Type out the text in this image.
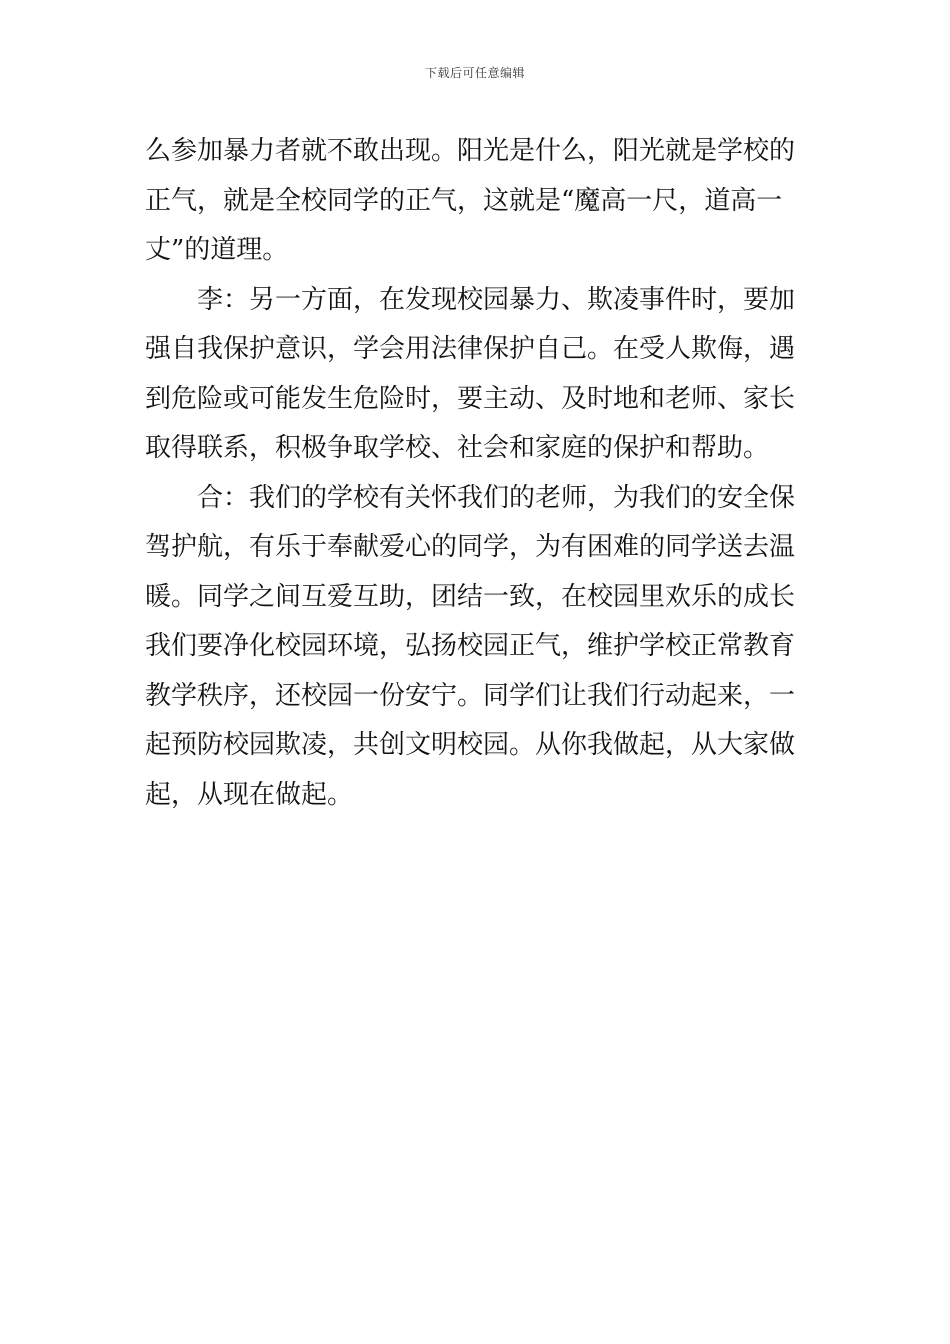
下载后可任意编辑
么参加暴力者就不敢出现。阳光是什么，阳光就是学校的
正气，就是全校同学的正气，这就是“魔高一尺，道高一
丈”的道理。
　　李：另一方面，在发现校园暴力、欺凌事件时，要加
强自我保护意识，学会用法律保护自己。在受人欺侮，遇
到危险或可能发生危险时，要主动、及时地和老师、家长
取得联系，积极争取学校、社会和家庭的保护和帮助。
　　合：我们的学校有关怀我们的老师，为我们的安全保
驾护航，有乐于奉献爱心的同学，为有困难的同学送去温
暖。同学之间互爱互助，团结一致，在校园里欢乐的成长
我们要净化校园环境，弘扬校园正气，维护学校正常教育
教学秩序，还校园一份安宁。同学们让我们行动起来，一
起预防校园欺凌，共创文明校园。从你我做起，从大家做
起，从现在做起。
